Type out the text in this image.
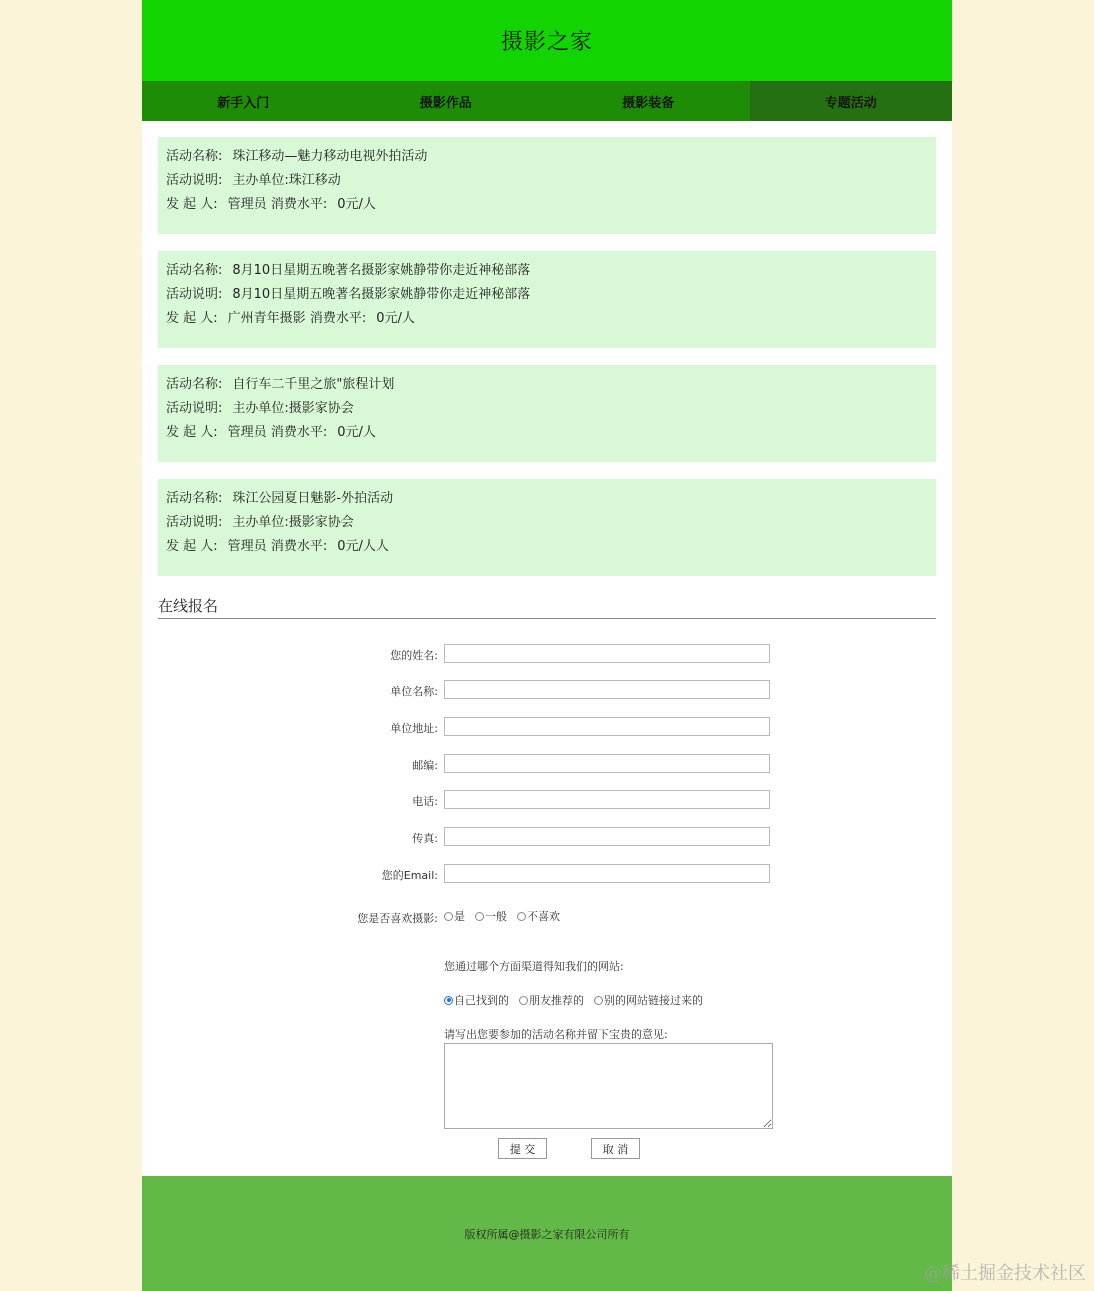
摄影之家
新手入门	摄影作品	摄影装备	专题活动
活动名称: 珠江移动—魅力移动电视外拍活动
活动说明: 主办单位:珠江移动
发 起 人: 管理员 消费水平: 0元/人
活动名称: 8月10日星期五晚著名摄影家姚静带你走近神秘部落
活动说明: 8月10日星期五晚著名摄影家姚静带你走近神秘部落
发 起 人: 广州青年摄影 消费水平: 0元/人
活动名称: 自行车二千里之旅"旅程计划
活动说明: 主办单位:摄影家协会
发 起 人: 管理员 消费水平: 0元/人
活动名称: 珠江公园夏日魅影-外拍活动
活动说明: 主办单位:摄影家协会
发 起 人: 管理员 消费水平: 0元/人人
在线报名
您的姓名:
单位名称:
单位地址:
邮编:
电话:
传真:
您的Email:
您是否喜欢摄影: 是 一般 不喜欢
您通过哪个方面渠道得知我们的网站:
自己找到的 朋友推荐的 别的网站链接过来的
请写出您要参加的活动名称并留下宝贵的意见:
提 交	取 消
版权所属@摄影之家有限公司所有
@稀土掘金技术社区
